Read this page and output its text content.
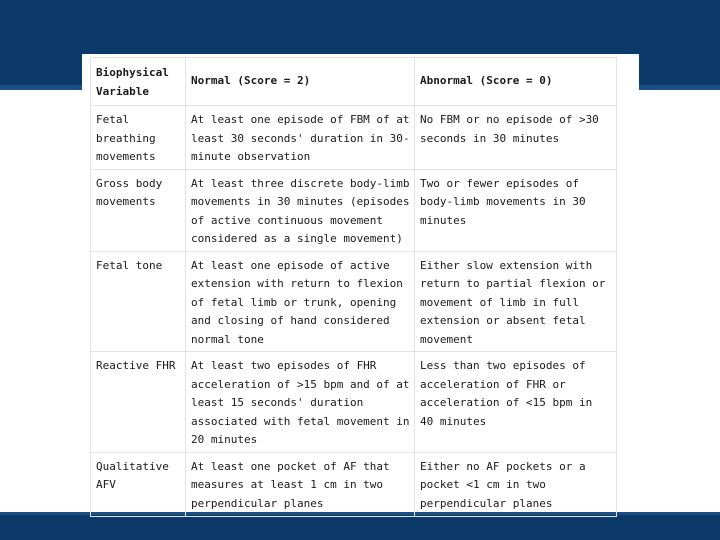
Biophysical Variable	Normal (Score = 2)	Abnormal (Score = 0)
Fetal breathing movements	At least one episode of FBM of at least 30 seconds' duration in 30-minute observation	No FBM or no episode of >30 seconds in 30 minutes
Gross body movements	At least three discrete body-limb movements in 30 minutes (episodes of active continuous movement considered as a single movement)	Two or fewer episodes of body-limb movements in 30 minutes
Fetal tone	At least one episode of active extension with return to flexion of fetal limb or trunk, opening and closing of hand considered normal tone	Either slow extension with return to partial flexion or movement of limb in full extension or absent fetal movement
Reactive FHR	At least two episodes of FHR acceleration of >15 bpm and of at least 15 seconds' duration associated with fetal movement in 20 minutes	Less than two episodes of acceleration of FHR or acceleration of <15 bpm in 40 minutes
Qualitative AFV	At least one pocket of AF that measures at least 1 cm in two perpendicular planes	Either no AF pockets or a pocket <1 cm in two perpendicular planes
